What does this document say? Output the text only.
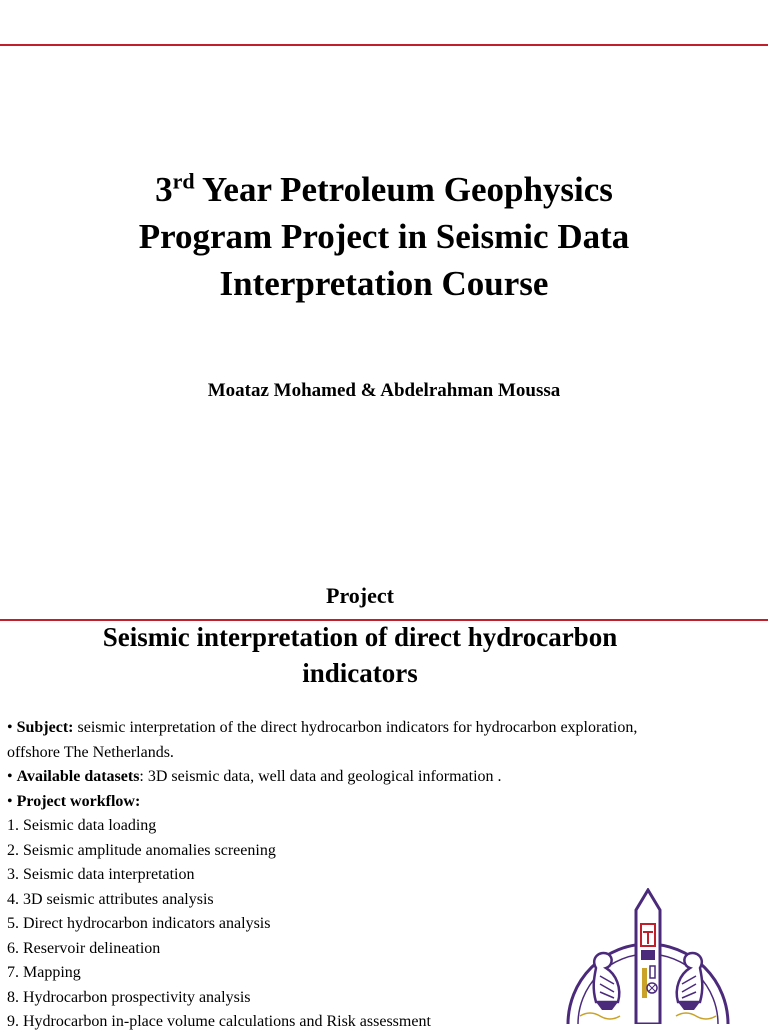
3rd Year Petroleum Geophysics
Program Project in Seismic Data
Interpretation Course
Moataz Mohamed & Abdelrahman Moussa
Project
Seismic interpretation of direct hydrocarbon
indicators

• Subject: seismic interpretation of the direct hydrocarbon indicators for hydrocarbon exploration,

offshore The Netherlands.

• Available datasets: 3D seismic data, well data and geological information .

• Project workflow:

1. Seismic data loading

2. Seismic amplitude anomalies screening

3. Seismic data interpretation

4. 3D seismic attributes analysis

5. Direct hydrocarbon indicators analysis

6. Reservoir delineation

7. Mapping

8. Hydrocarbon prospectivity analysis

9. Hydrocarbon in-place volume calculations and Risk assessment
